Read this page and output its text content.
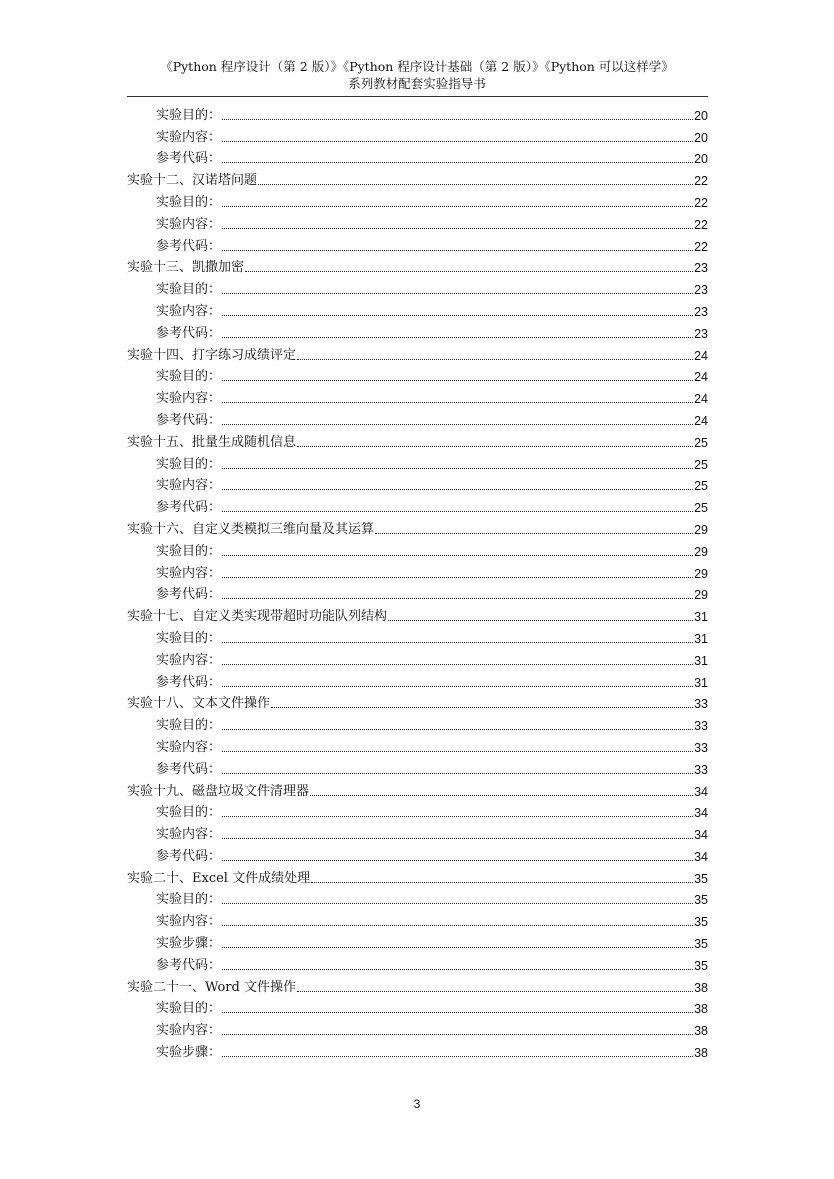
《Python 程序设计（第 2 版）》《Python 程序设计基础（第 2 版）》《Python 可以这样学》
系列教材配套实验指导书
实验目的：	20
实验内容：	20
参考代码：	20
实验十二、汉诺塔问题	22
实验目的：	22
实验内容：	22
参考代码：	22
实验十三、凯撒加密	23
实验目的：	23
实验内容：	23
参考代码：	23
实验十四、打字练习成绩评定	24
实验目的：	24
实验内容：	24
参考代码：	24
实验十五、批量生成随机信息	25
实验目的：	25
实验内容：	25
参考代码：	25
实验十六、自定义类模拟三维向量及其运算	29
实验目的：	29
实验内容：	29
参考代码：	29
实验十七、自定义类实现带超时功能队列结构	31
实验目的：	31
实验内容：	31
参考代码：	31
实验十八、文本文件操作	33
实验目的：	33
实验内容：	33
参考代码：	33
实验十九、磁盘垃圾文件清理器	34
实验目的：	34
实验内容：	34
参考代码：	34
实验二十、Excel 文件成绩处理	35
实验目的：	35
实验内容：	35
实验步骤：	35
参考代码：	35
实验二十一、Word 文件操作	38
实验目的：	38
实验内容：	38
实验步骤：	38
3
